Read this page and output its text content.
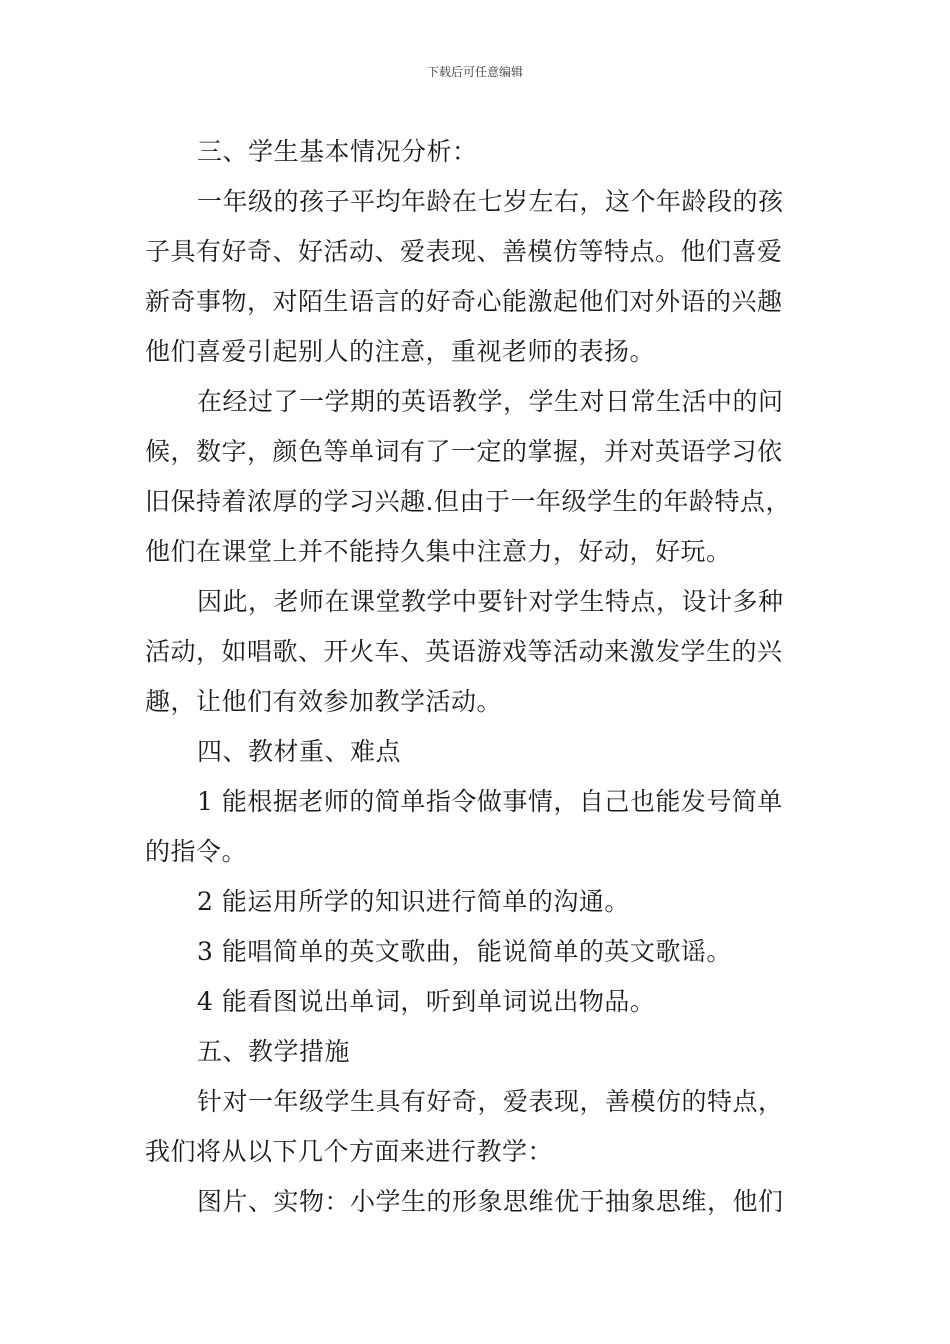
下载后可任意编辑
三、学生基本情况分析：
一年级的孩子平均年龄在七岁左右，这个年龄段的孩
子具有好奇、好活动、爱表现、善模仿等特点。他们喜爱
新奇事物，对陌生语言的好奇心能激起他们对外语的兴趣
他们喜爱引起别人的注意，重视老师的表扬。
在经过了一学期的英语教学，学生对日常生活中的问
候，数字，颜色等单词有了一定的掌握，并对英语学习依
旧保持着浓厚的学习兴趣.但由于一年级学生的年龄特点，
他们在课堂上并不能持久集中注意力，好动，好玩。
因此，老师在课堂教学中要针对学生特点，设计多种
活动，如唱歌、开火车、英语游戏等活动来激发学生的兴
趣，让他们有效参加教学活动。
四、教材重、难点
1 能根据老师的简单指令做事情，自己也能发号简单
的指令。
2 能运用所学的知识进行简单的沟通。
3 能唱简单的英文歌曲，能说简单的英文歌谣。
4 能看图说出单词，听到单词说出物品。
五、教学措施
针对一年级学生具有好奇，爱表现，善模仿的特点，
我们将从以下几个方面来进行教学：
图片、实物：小学生的形象思维优于抽象思维，他们
